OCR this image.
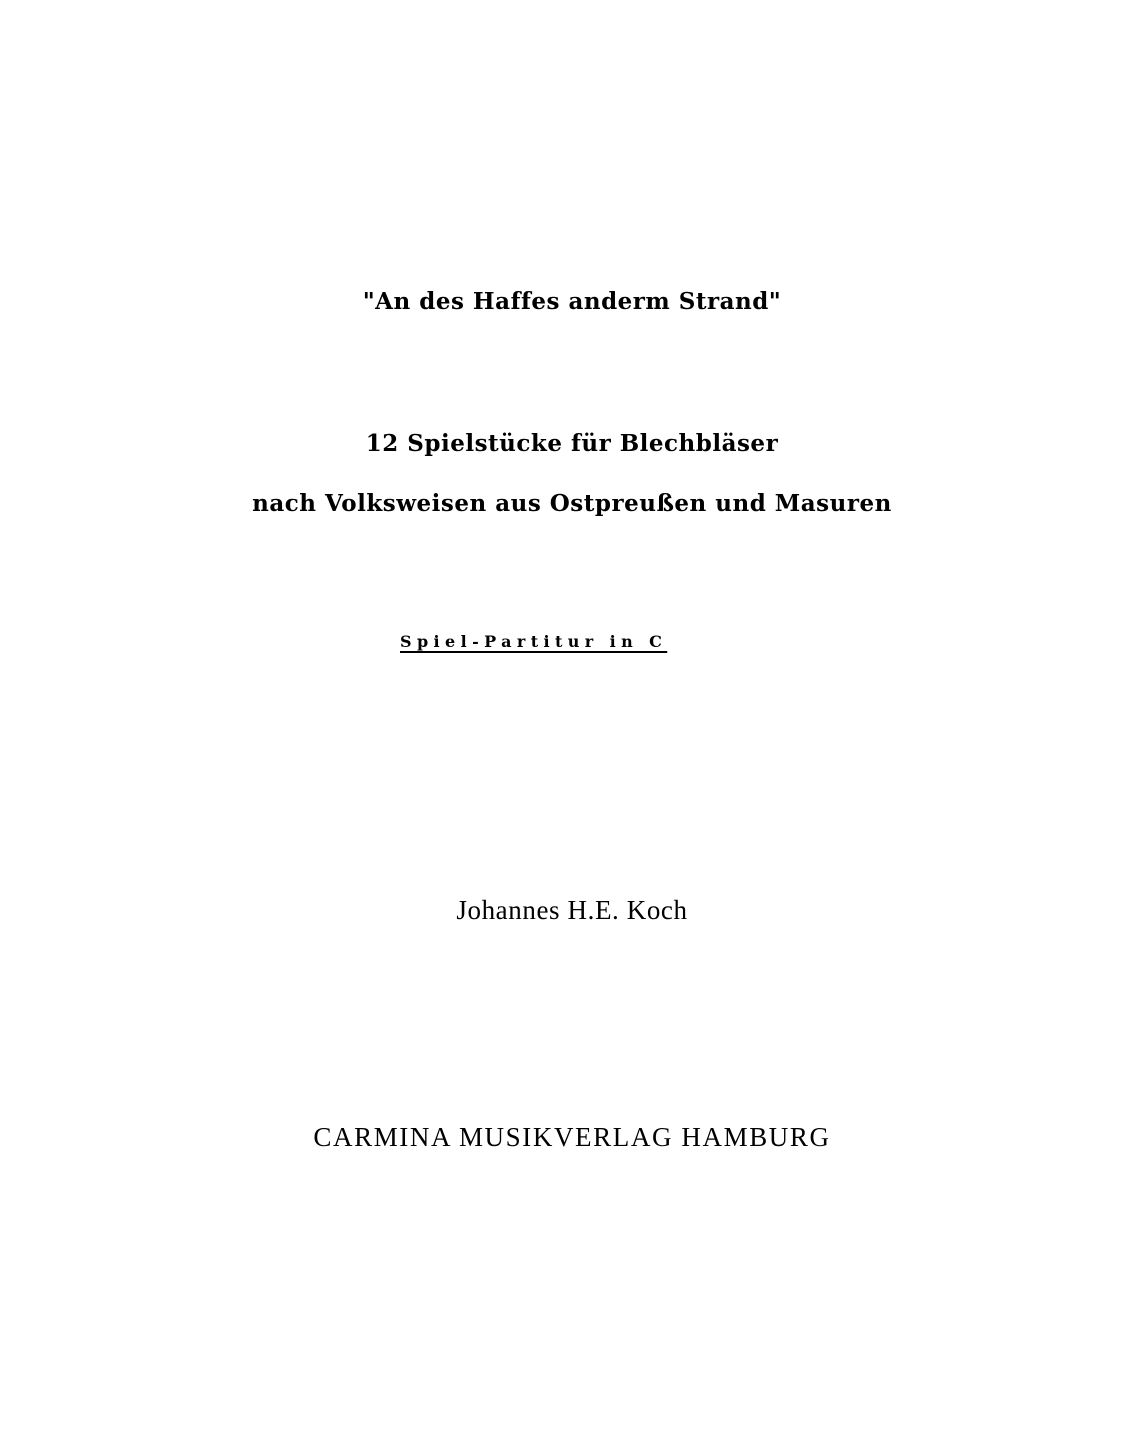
"An des Haffes anderm Strand"
12 Spielstücke für Blechbläser
nach Volksweisen aus Ostpreußen und Masuren
Spiel-Partitur in C
Johannes H.E. Koch
CARMINA MUSIKVERLAG HAMBURG
